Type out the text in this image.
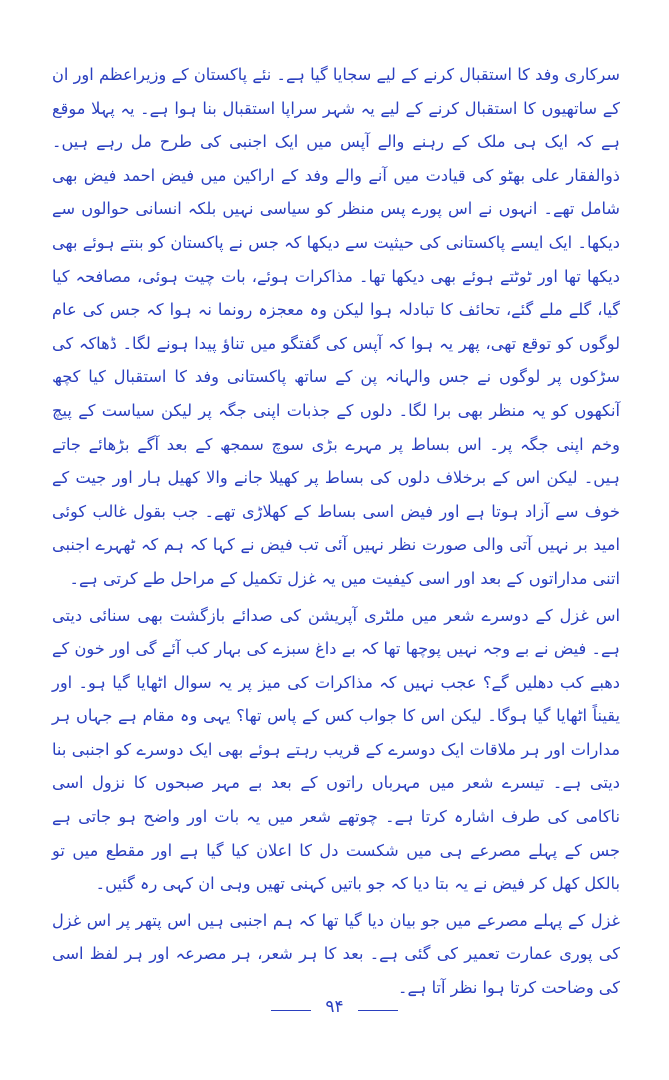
سرکاری وفد کا استقبال کرنے کے لیے سجایا گیا ہے۔ نئے پاکستان کے وزیراعظم اور ان کے ساتھیوں کا استقبال کرنے کے لیے یہ شہر سراپا استقبال بنا ہوا ہے۔ یہ پہلا موقع ہے کہ ایک ہی ملک کے رہنے والے آپس میں ایک اجنبی کی طرح مل رہے ہیں۔ ذوالفقار علی بھٹو کی قیادت میں آنے والے وفد کے اراکین میں فیض احمد فیض بھی شامل تھے۔ انہوں نے اس پورے پس منظر کو سیاسی نہیں بلکہ انسانی حوالوں سے دیکھا۔ ایک ایسے پاکستانی کی حیثیت سے دیکھا کہ جس نے پاکستان کو بنتے ہوئے بھی دیکھا تھا اور ٹوٹتے ہوئے بھی دیکھا تھا۔ مذاکرات ہوئے، بات چیت ہوئی، مصافحہ کیا گیا، گلے ملے گئے، تحائف کا تبادلہ ہوا لیکن وہ معجزہ رونما نہ ہوا کہ جس کی عام لوگوں کو توقع تھی، پھر یہ ہوا کہ آپس کی گفتگو میں تناؤ پیدا ہونے لگا۔ ڈھاکہ کی سڑکوں پر لوگوں نے جس والہانہ پن کے ساتھ پاکستانی وفد کا استقبال کیا کچھ آنکھوں کو یہ منظر بھی برا لگا۔ دلوں کے جذبات اپنی جگہ پر لیکن سیاست کے پیچ وخم اپنی جگہ پر۔ اس بساط پر مہرے بڑی سوچ سمجھ کے بعد آگے بڑھائے جاتے ہیں۔ لیکن اس کے برخلاف دلوں کی بساط پر کھیلا جانے والا کھیل ہار اور جیت کے خوف سے آزاد ہوتا ہے اور فیض اسی بساط کے کھلاڑی تھے۔ جب بقول غالب کوئی امید بر نہیں آتی والی صورت نظر نہیں آئی تب فیض نے کہا کہ ہم کہ ٹھہرے اجنبی اتنی مداراتوں کے بعد اور اسی کیفیت میں یہ غزل تکمیل کے مراحل طے کرتی ہے۔

اس غزل کے دوسرے شعر میں ملٹری آپریشن کی صدائے بازگشت بھی سنائی دیتی ہے۔ فیض نے بے وجہ نہیں پوچھا تھا کہ بے داغ سبزے کی بہار کب آئے گی اور خون کے دھبے کب دھلیں گے؟ عجب نہیں کہ مذاکرات کی میز پر یہ سوال اٹھایا گیا ہو۔ اور یقیناً اٹھایا گیا ہوگا۔ لیکن اس کا جواب کس کے پاس تھا؟ یہی وہ مقام ہے جہاں ہر مدارات اور ہر ملاقات ایک دوسرے کے قریب رہتے ہوئے بھی ایک دوسرے کو اجنبی بنا دیتی ہے۔ تیسرے شعر میں مہرباں راتوں کے بعد بے مہر صبحوں کا نزول اسی ناکامی کی طرف اشارہ کرتا ہے۔ چوتھے شعر میں یہ بات اور واضح ہو جاتی ہے جس کے پہلے مصرعے ہی میں شکست دل کا اعلان کیا گیا ہے اور مقطع میں تو بالکل کھل کر فیض نے یہ بتا دیا کہ جو باتیں کہنی تھیں وہی ان کہی رہ گئیں۔

غزل کے پہلے مصرعے میں جو بیان دیا گیا تھا کہ ہم اجنبی ہیں اس پتھر پر اس غزل کی پوری عمارت تعمیر کی گئی ہے۔ بعد کا ہر شعر، ہر مصرعہ اور ہر لفظ اسی کی وضاحت کرتا ہوا نظر آتا ہے۔

۹۴
